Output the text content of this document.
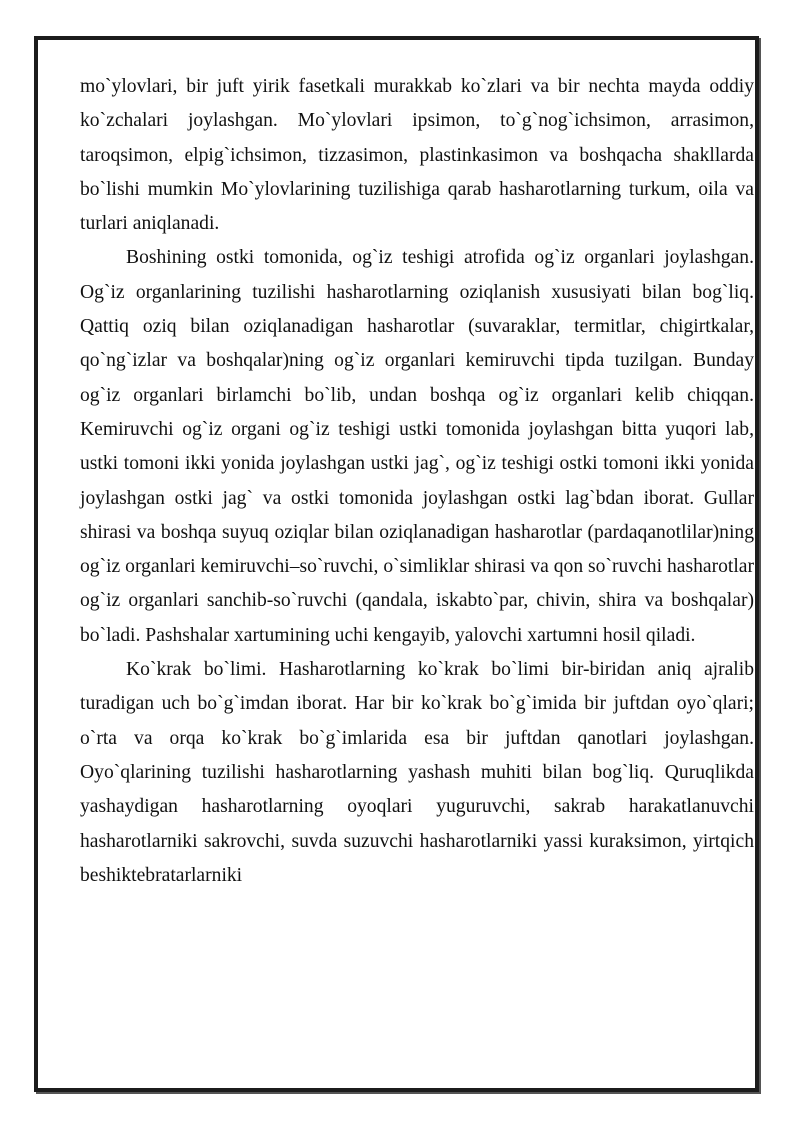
mo`ylovlari, bir juft yirik fasetkali murakkab ko`zlari va bir nechta mayda oddiy ko`zchalari joylashgan. Mo`ylovlari ipsimon, to`g`nog`ichsimon, arrasimon, taroqsimon, elpig`ichsimon, tizzasimon, plastinkasimon va boshqacha shakllarda bo`lishi mumkin Mo`ylovlarining tuzilishiga qarab hasharotlarning turkum, oila va turlari aniqlanadi.

Boshining ostki tomonida, og`iz teshigi atrofida og`iz organlari joylashgan. Og`iz organlarining tuzilishi hasharotlarning oziqlanish xususiyati bilan bog`liq. Qattiq oziq bilan oziqlanadigan hasharotlar (suvaraklar, termitlar, chigirtkalar, qo`ng`izlar va boshqalar)ning og`iz organlari kemiruvchi tipda tuzilgan. Bunday og`iz organlari birlamchi bo`lib, undan boshqa og`iz organlari kelib chiqqan. Kemiruvchi og`iz organi og`iz teshigi ustki tomonida joylashgan bitta yuqori lab, ustki tomoni ikki yonida joylashgan ustki jag`, og`iz teshigi ostki tomoni ikki yonida joylashgan ostki jag` va ostki tomonida joylashgan ostki lag`bdan iborat. Gullar shirasi va boshqa suyuq oziqlar bilan oziqlanadigan hasharotlar (pardaqanotlilar)ning og`iz organlari kemiruvchi–so`ruvchi, o`simliklar shirasi va qon so`ruvchi hasharotlar og`iz organlari sanchib-so`ruvchi (qandala, iskabto`par, chivin, shira va boshqalar) bo`ladi. Pashshalar xartumining uchi kengayib, yalovchi xartumni hosil qiladi.

Ko`krak bo`limi. Hasharotlarning ko`krak bo`limi bir-biridan aniq ajralib turadigan uch bo`g`imdan iborat. Har bir ko`krak bo`g`imida bir juftdan oyo`qlari; o`rta va orqa ko`krak bo`g`imlarida esa bir juftdan qanotlari joylashgan. Oyo`qlarining tuzilishi hasharotlarning yashash muhiti bilan bog`liq. Quruqlikda yashaydigan hasharotlarning oyoqlari yuguruvchi, sakrab harakatlanuvchi hasharotlarniki sakrovchi, suvda suzuvchi hasharotlarniki yassi kuraksimon, yirtqich beshiktebratarlarniki
